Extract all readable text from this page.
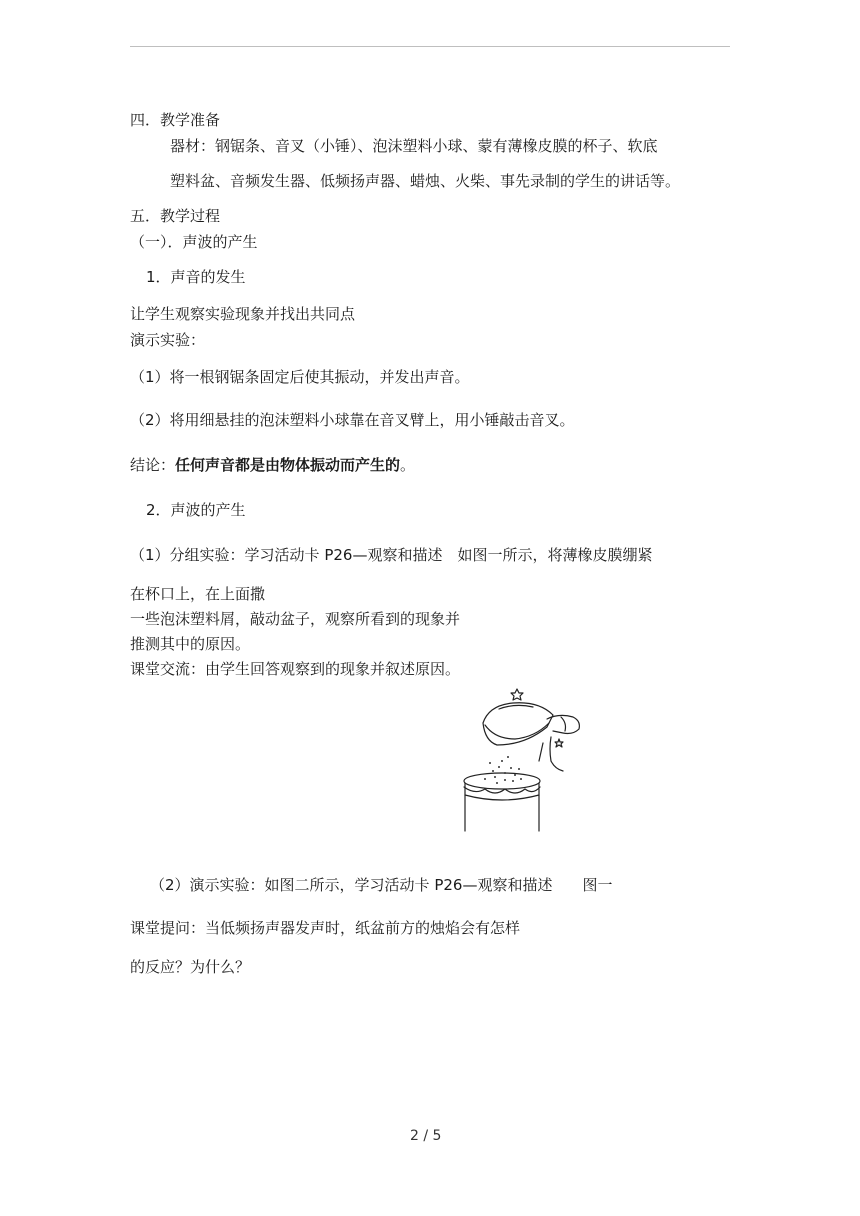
四．教学准备
器材：钢锯条、音叉（小锤）、泡沫塑料小球、蒙有薄橡皮膜的杯子、软底
塑料盆、音频发生器、低频扬声器、蜡烛、火柴、事先录制的学生的讲话等。
五．教学过程
（一）．声波的产生
1．声音的发生
让学生观察实验现象并找出共同点
演示实验：
（1）将一根钢锯条固定后使其振动，并发出声音。
（2）将用细悬挂的泡沫塑料小球靠在音叉臂上，用小锤敲击音叉。
结论：任何声音都是由物体振动而产生的。
2．声波的产生
（1）分组实验：学习活动卡 P26—观察和描述　如图一所示，将薄橡皮膜绷紧
在杯口上，在上面撒
一些泡沫塑料屑，敲动盆子，观察所看到的现象并
推测其中的原因。
课堂交流：由学生回答观察到的现象并叙述原因。
（2）演示实验：如图二所示，学习活动卡 P26—观察和描述　　图一
课堂提问：当低频扬声器发声时，纸盆前方的烛焰会有怎样
的反应？为什么？
2 / 5
